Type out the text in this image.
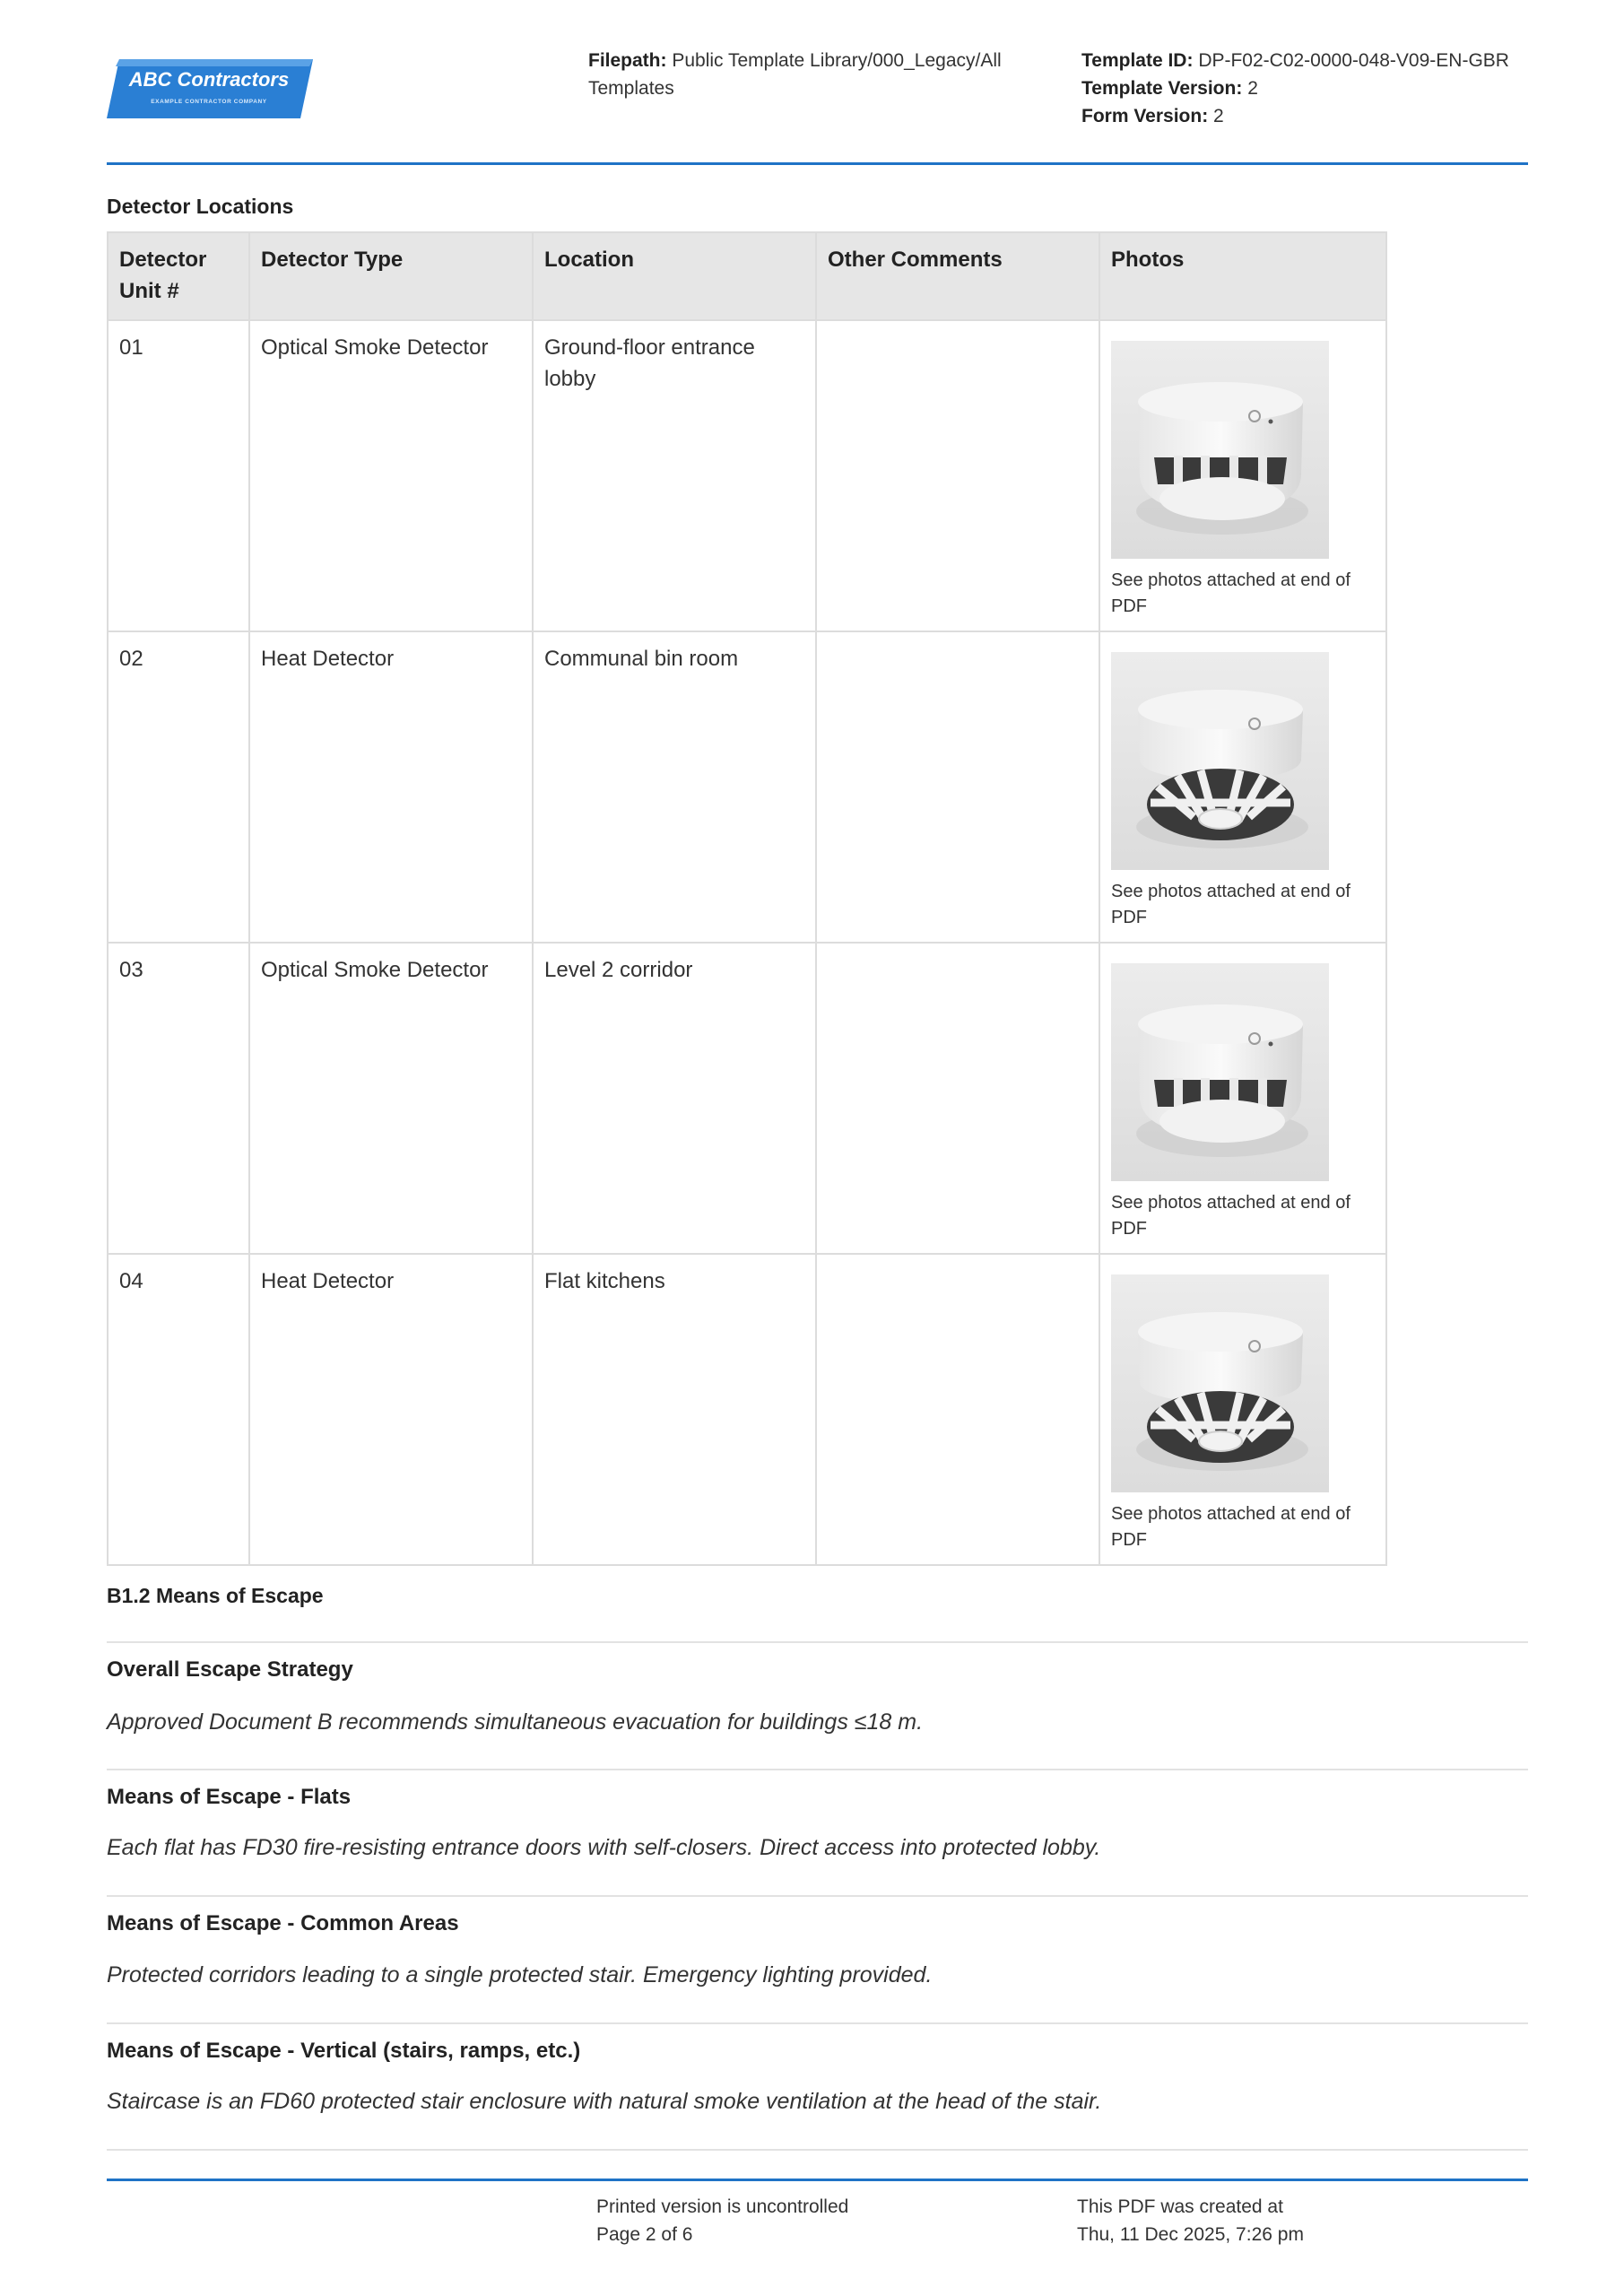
ABC Contractors
EXAMPLE CONTRACTOR COMPANY
Filepath: Public Template Library/000_Legacy/All Templates
Template ID: DP-F02-C02-0000-048-V09-EN-GBR
Template Version: 2
Form Version: 2
Detector Locations
Detector Unit #	Detector Type	Location	Other Comments	Photos
01	Optical Smoke Detector	Ground-floor entrance lobby		See photos attached at end of PDF

02	Heat Detector	Communal bin room		See photos attached at end of PDF

03	Optical Smoke Detector	Level 2 corridor		See photos attached at end of PDF

04	Heat Detector	Flat kitchens		See photos attached at end of PDF
B1.2 Means of Escape
Overall Escape Strategy
Approved Document B recommends simultaneous evacuation for buildings ≤18 m.
Means of Escape - Flats
Each flat has FD30 fire-resisting entrance doors with self-closers. Direct access into protected lobby.
Means of Escape - Common Areas
Protected corridors leading to a single protected stair. Emergency lighting provided.
Means of Escape - Vertical (stairs, ramps, etc.)
Staircase is an FD60 protected stair enclosure with natural smoke ventilation at the head of the stair.
Printed version is uncontrolled
Page 2 of 6
This PDF was created at
Thu, 11 Dec 2025, 7:26 pm
